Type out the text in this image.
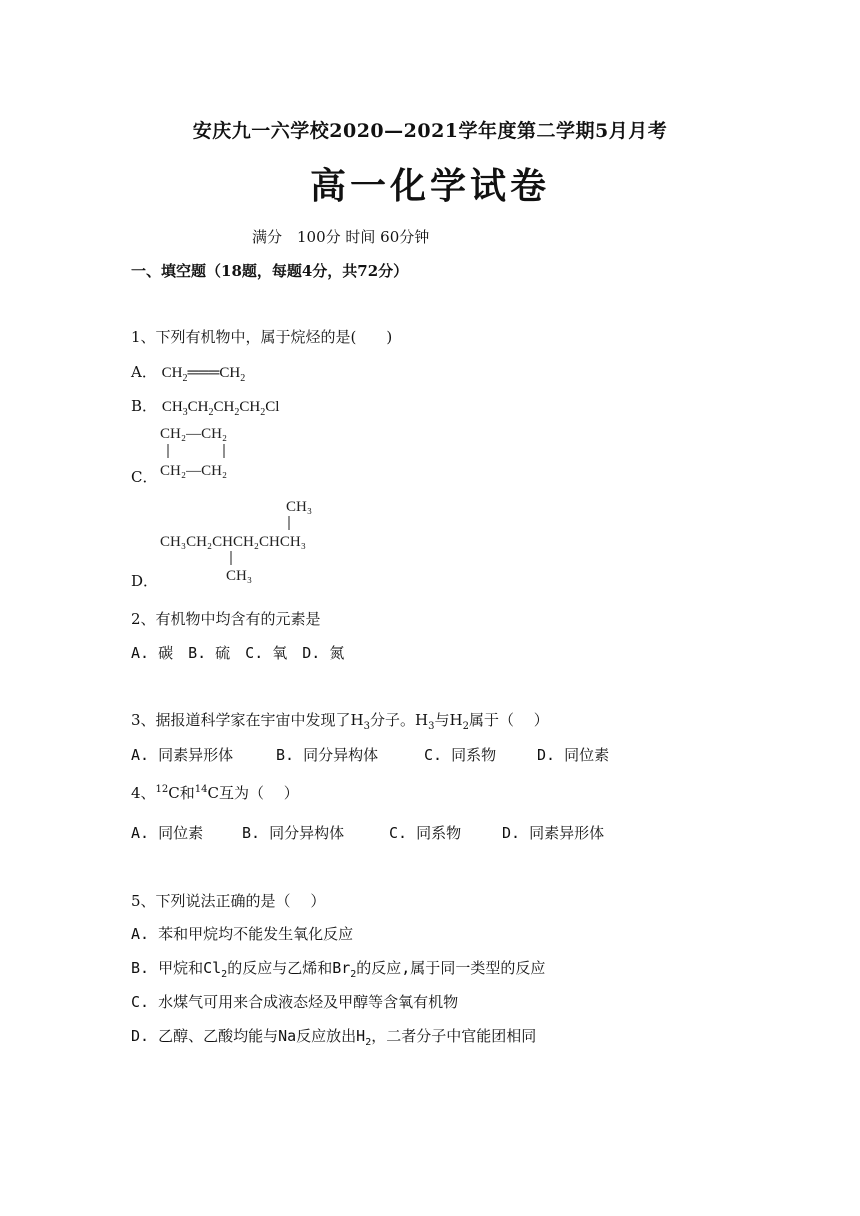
安庆九一六学校2020—2021学年度第二学期5月月考
高一化学试卷
满分　100分 时间 60分钟
一、填空题（18题，每题4分，共72分）
1、下列有机物中，属于烷烃的是(　　)
A． $CH_2═══CH_2$
B． $CH_3CH_2CH_2CH_2Cl$
C．
CH₂—CH₂
CH₂—CH₂
D．
CH₃
CH₃CH₂CHCH₂CHCH₃
CH₃
2、有机物中均含有的元素是
A. 碳　B. 硫　C. 氧　D. 氮
3、据报道科学家在宇宙中发现了$H_3$分子。$H_3$与$H_2$属于（　 ）
A. 同素异形体	B. 同分异构体	C. 同系物	D. 同位素
4、$^{12}$C和$^{14}$C互为（　 ）
A. 同位素	B. 同分异构体	C. 同系物	D. 同素异形体
5、下列说法正确的是（　 ）
A. 苯和甲烷均不能发生氧化反应
B. 甲烷和$Cl_2$的反应与乙烯和$Br_2$的反应,属于同一类型的反应
C. 水煤气可用来合成液态烃及甲醇等含氧有机物
D. 乙醇、乙酸均能与Na反应放出$H_2$，二者分子中官能团相同
